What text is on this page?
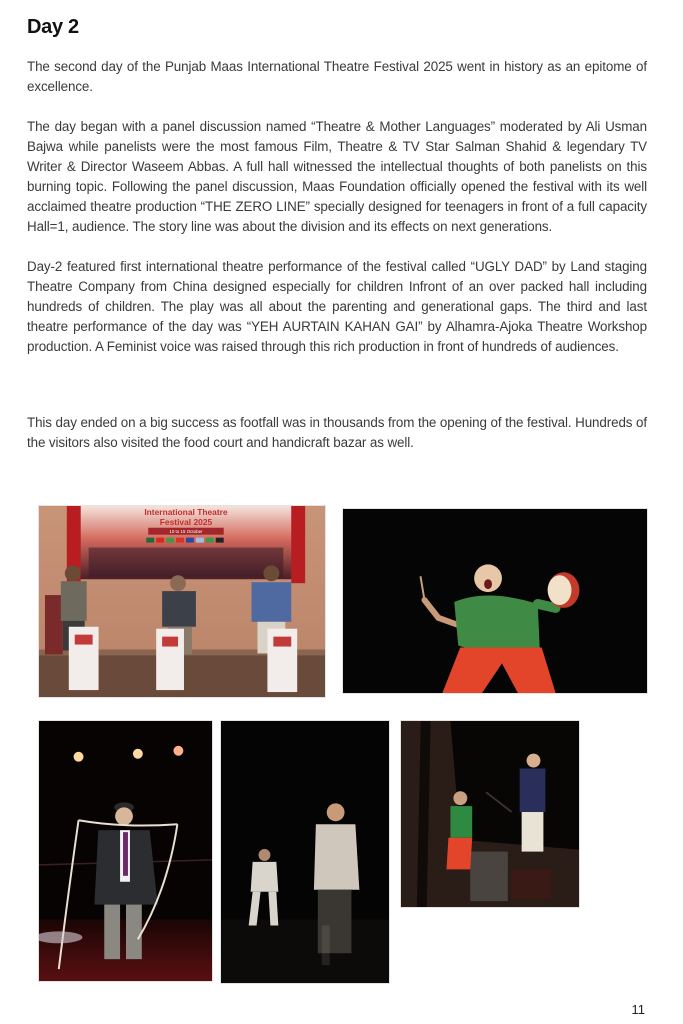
Day 2

The second day of the Punjab Maas International Theatre Festival 2025 went in history as an epitome of excellence.

The day began with a panel discussion named “Theatre & Mother Languages” moderated by Ali Usman Bajwa while panelists were the most famous Film, Theatre & TV Star Salman Shahid & legendary TV Writer & Director Waseem Abbas. A full hall witnessed the intellectual thoughts of both panelists on this burning topic. Following the panel discussion, Maas Foundation officially opened the festival with its well acclaimed theatre production “THE ZERO LINE” specially designed for teenagers in front of a full capacity Hall=1, audience. The story line was about the division and its effects on next generations.

Day-2 featured first international theatre performance of the festival called “UGLY DAD” by Land staging Theatre Company from China designed especially for children Infront of an over packed hall including hundreds of children. The play was all about the parenting and generational gaps. The third and last theatre performance of the day was “YEH AURTAIN KAHAN GAI” by Alhamra-Ajoka Theatre Workshop production. A Feminist voice was raised through this rich production in front of hundreds of audiences.

This day ended on a big success as footfall was in thousands from the opening of the festival. Hundreds of the visitors also visited the food court and handicraft bazar as well.

International Theatre
Festival 2025
10 to 15 October
11
